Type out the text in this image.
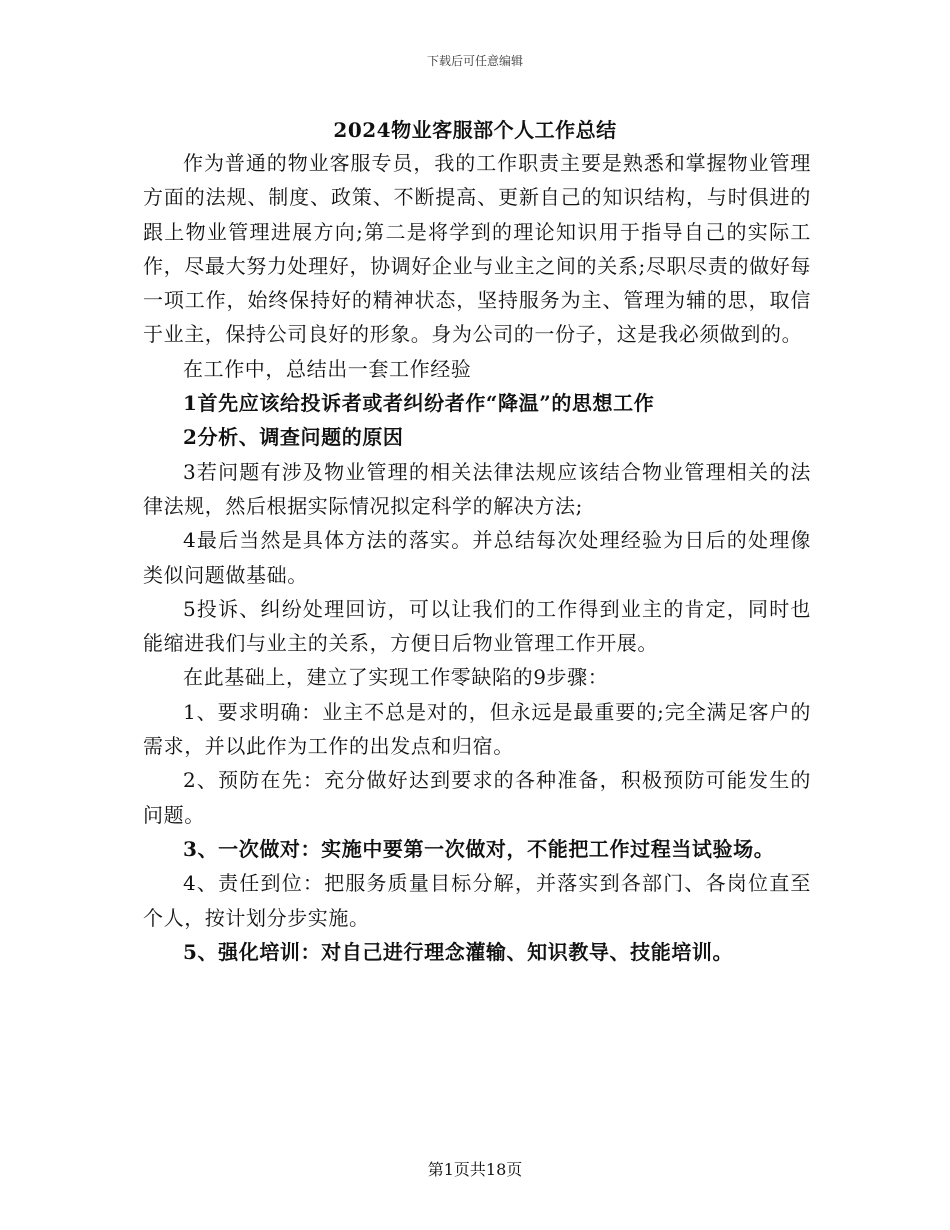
下载后可任意编辑
2024物业客服部个人工作总结

作为普通的物业客服专员，我的工作职责主要是熟悉和掌握物业管理方面的法规、制度、政策、不断提高、更新自己的知识结构，与时俱进的跟上物业管理进展方向;第二是将学到的理论知识用于指导自己的实际工作，尽最大努力处理好，协调好企业与业主之间的关系;尽职尽责的做好每一项工作，始终保持好的精神状态，坚持服务为主、管理为辅的思，取信于业主，保持公司良好的形象。身为公司的一份子，这是我必须做到的。

在工作中，总结出一套工作经验

1首先应该给投诉者或者纠纷者作“降温”的思想工作

2分析、调查问题的原因

3若问题有涉及物业管理的相关法律法规应该结合物业管理相关的法律法规，然后根据实际情况拟定科学的解决方法;

4最后当然是具体方法的落实。并总结每次处理经验为日后的处理像类似问题做基础。

5投诉、纠纷处理回访，可以让我们的工作得到业主的肯定，同时也能缩进我们与业主的关系，方便日后物业管理工作开展。

在此基础上，建立了实现工作零缺陷的9步骤：

1、要求明确：业主不总是对的，但永远是最重要的;完全满足客户的需求，并以此作为工作的出发点和归宿。

2、预防在先：充分做好达到要求的各种准备，积极预防可能发生的问题。

3、一次做对：实施中要第一次做对，不能把工作过程当试验场。

4、责任到位：把服务质量目标分解，并落实到各部门、各岗位直至个人，按计划分步实施。

5、强化培训：对自己进行理念灌输、知识教导、技能培训。

第1页共18页
